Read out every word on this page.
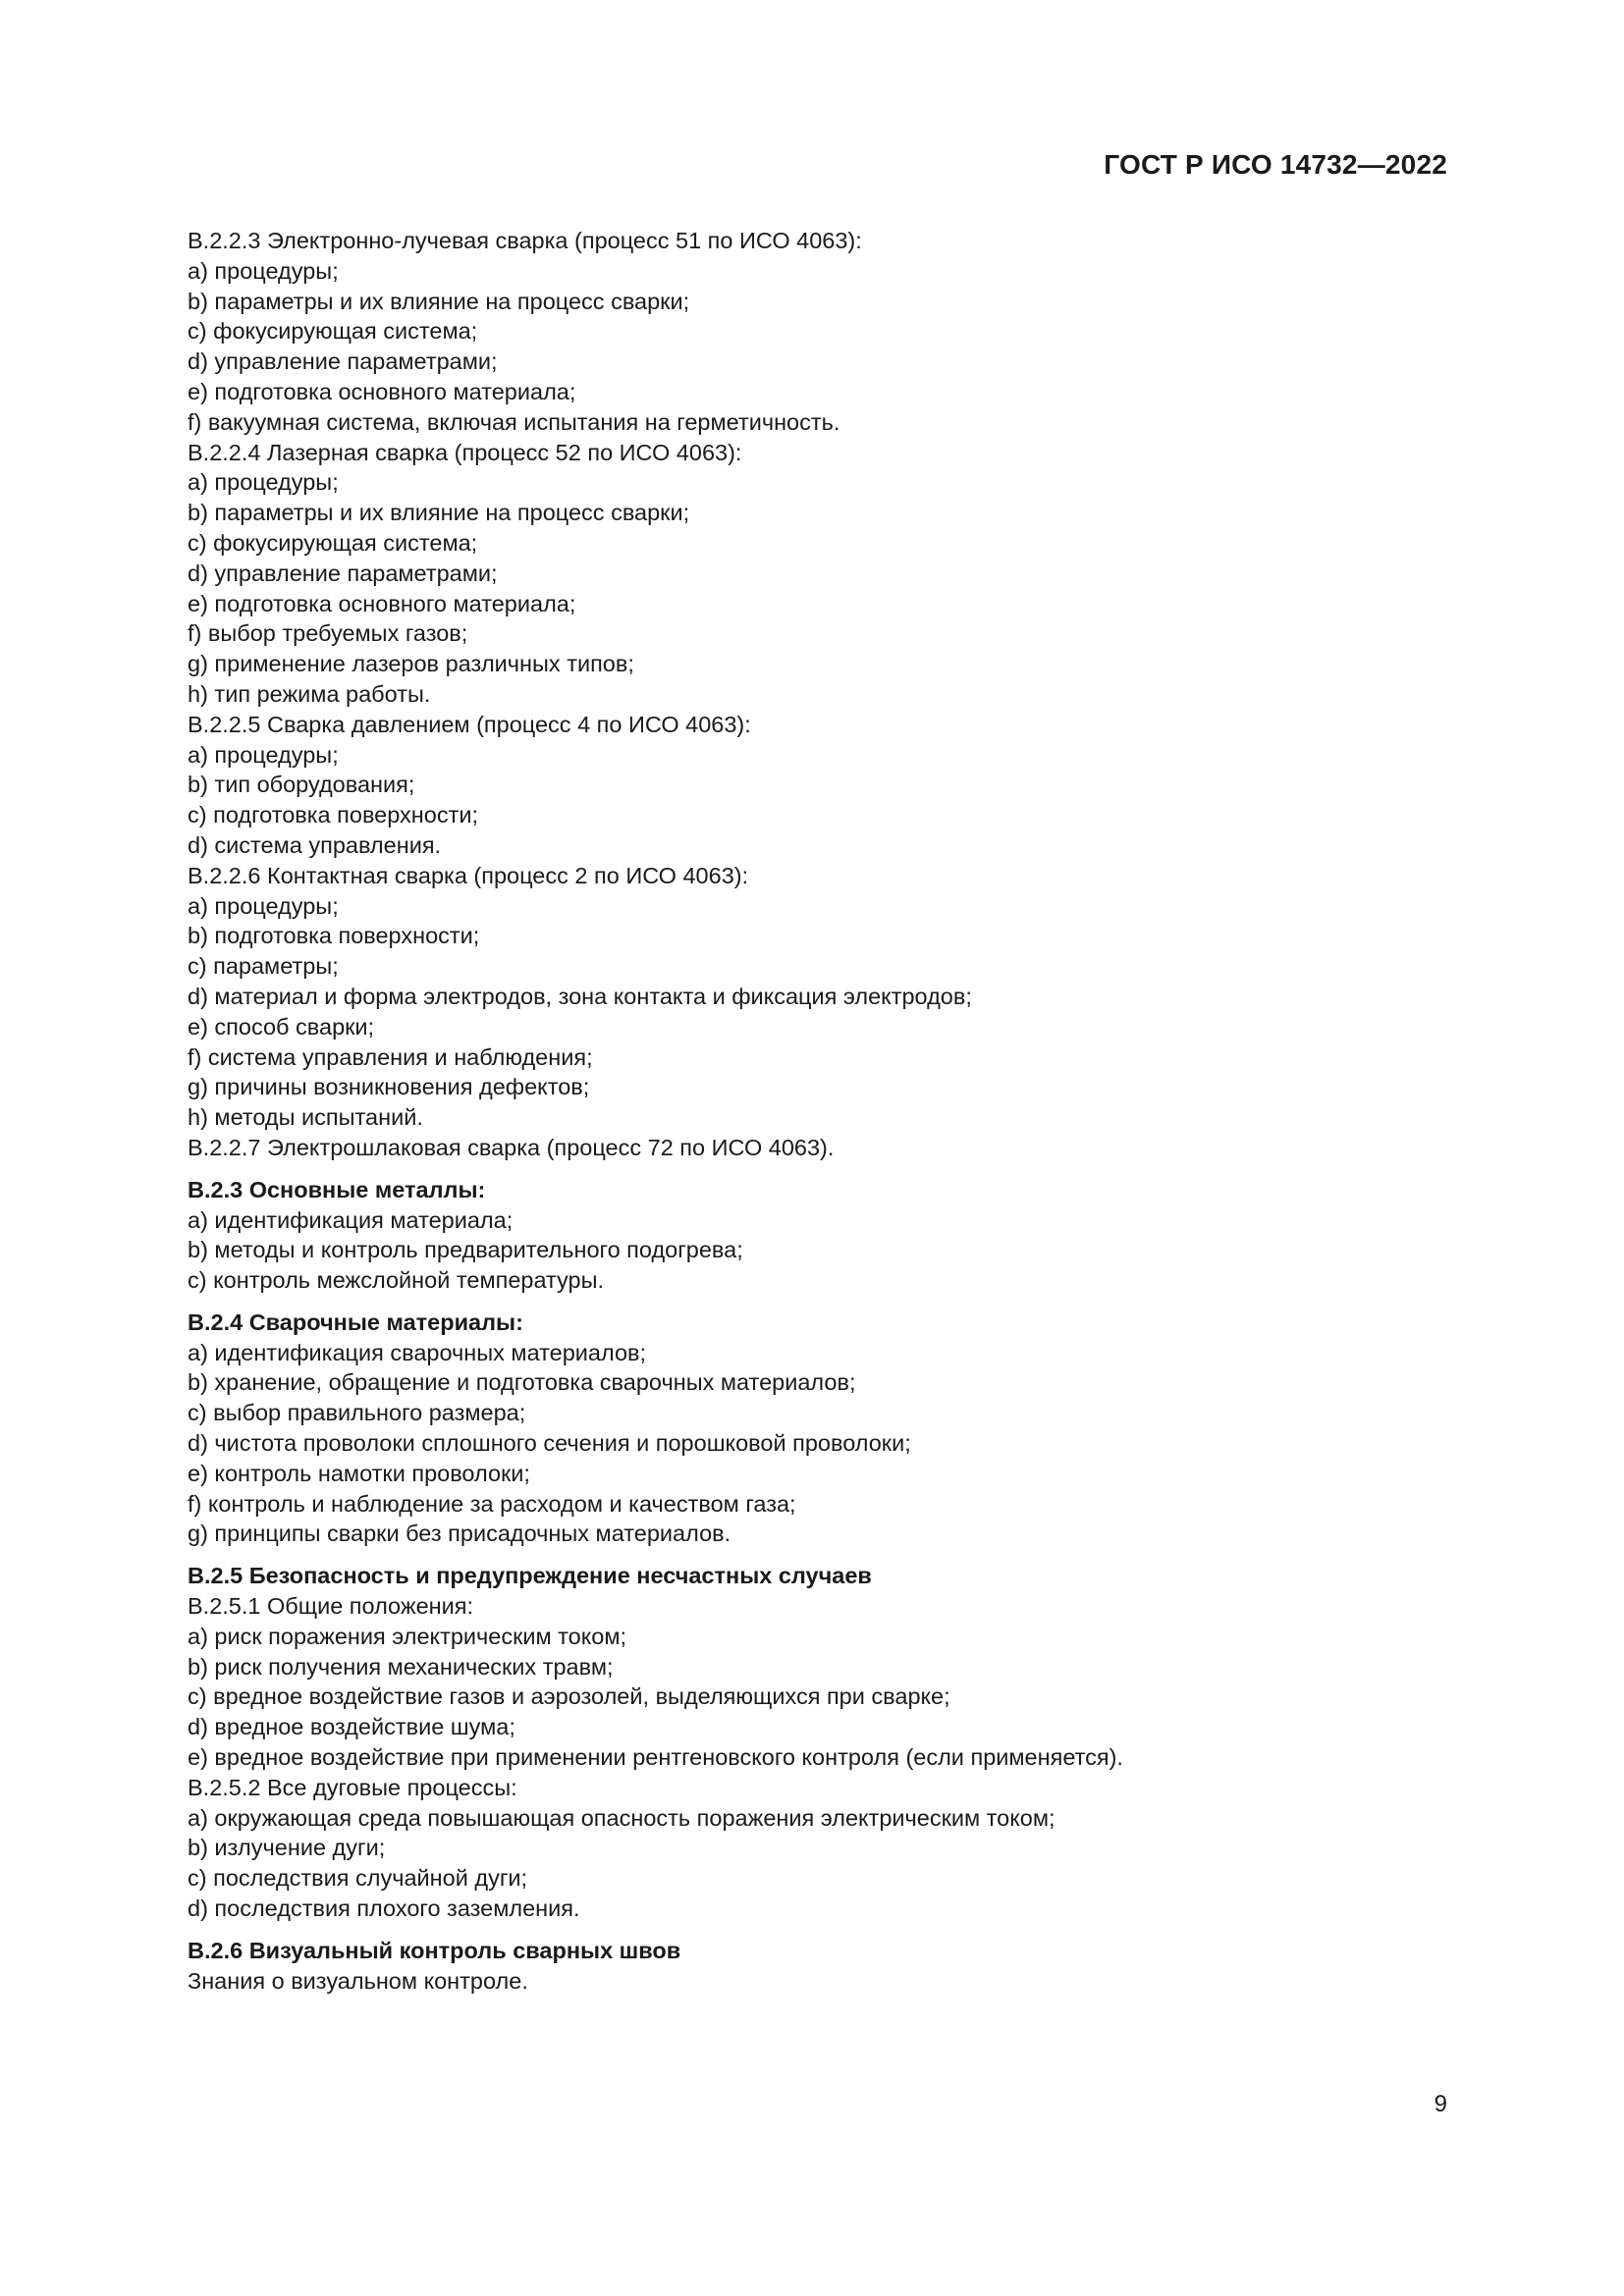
ГОСТ Р ИСО 14732—2022
B.2.2.3 Электронно-лучевая сварка (процесс 51 по ИСО 4063):
a) процедуры;
b) параметры и их влияние на процесс сварки;
c) фокусирующая система;
d) управление параметрами;
e) подготовка основного материала;
f) вакуумная система, включая испытания на герметичность.
B.2.2.4 Лазерная сварка (процесс 52 по ИСО 4063):
a) процедуры;
b) параметры и их влияние на процесс сварки;
c) фокусирующая система;
d) управление параметрами;
e) подготовка основного материала;
f) выбор требуемых газов;
g) применение лазеров различных типов;
h) тип режима работы.
B.2.2.5 Сварка давлением (процесс 4 по ИСО 4063):
a) процедуры;
b) тип оборудования;
c) подготовка поверхности;
d) система управления.
B.2.2.6 Контактная сварка (процесс 2 по ИСО 4063):
a) процедуры;
b) подготовка поверхности;
c) параметры;
d) материал и форма электродов, зона контакта и фиксация электродов;
e) способ сварки;
f) система управления и наблюдения;
g) причины возникновения дефектов;
h) методы испытаний.
B.2.2.7 Электрошлаковая сварка (процесс 72 по ИСО 4063).
B.2.3 Основные металлы:
a) идентификация материала;
b) методы и контроль предварительного подогрева;
c) контроль межслойной температуры.
B.2.4 Сварочные материалы:
a) идентификация сварочных материалов;
b) хранение, обращение и подготовка сварочных материалов;
c) выбор правильного размера;
d) чистота проволоки сплошного сечения и порошковой проволоки;
e) контроль намотки проволоки;
f) контроль и наблюдение за расходом и качеством газа;
g) принципы сварки без присадочных материалов.
B.2.5 Безопасность и предупреждение несчастных случаев
B.2.5.1 Общие положения:
a) риск поражения электрическим током;
b) риск получения механических травм;
c) вредное воздействие газов и аэрозолей, выделяющихся при сварке;
d) вредное воздействие шума;
e) вредное воздействие при применении рентгеновского контроля (если применяется).
B.2.5.2 Все дуговые процессы:
a) окружающая среда повышающая опасность поражения электрическим током;
b) излучение дуги;
c) последствия случайной дуги;
d) последствия плохого заземления.
B.2.6 Визуальный контроль сварных швов
Знания о визуальном контроле.
9
